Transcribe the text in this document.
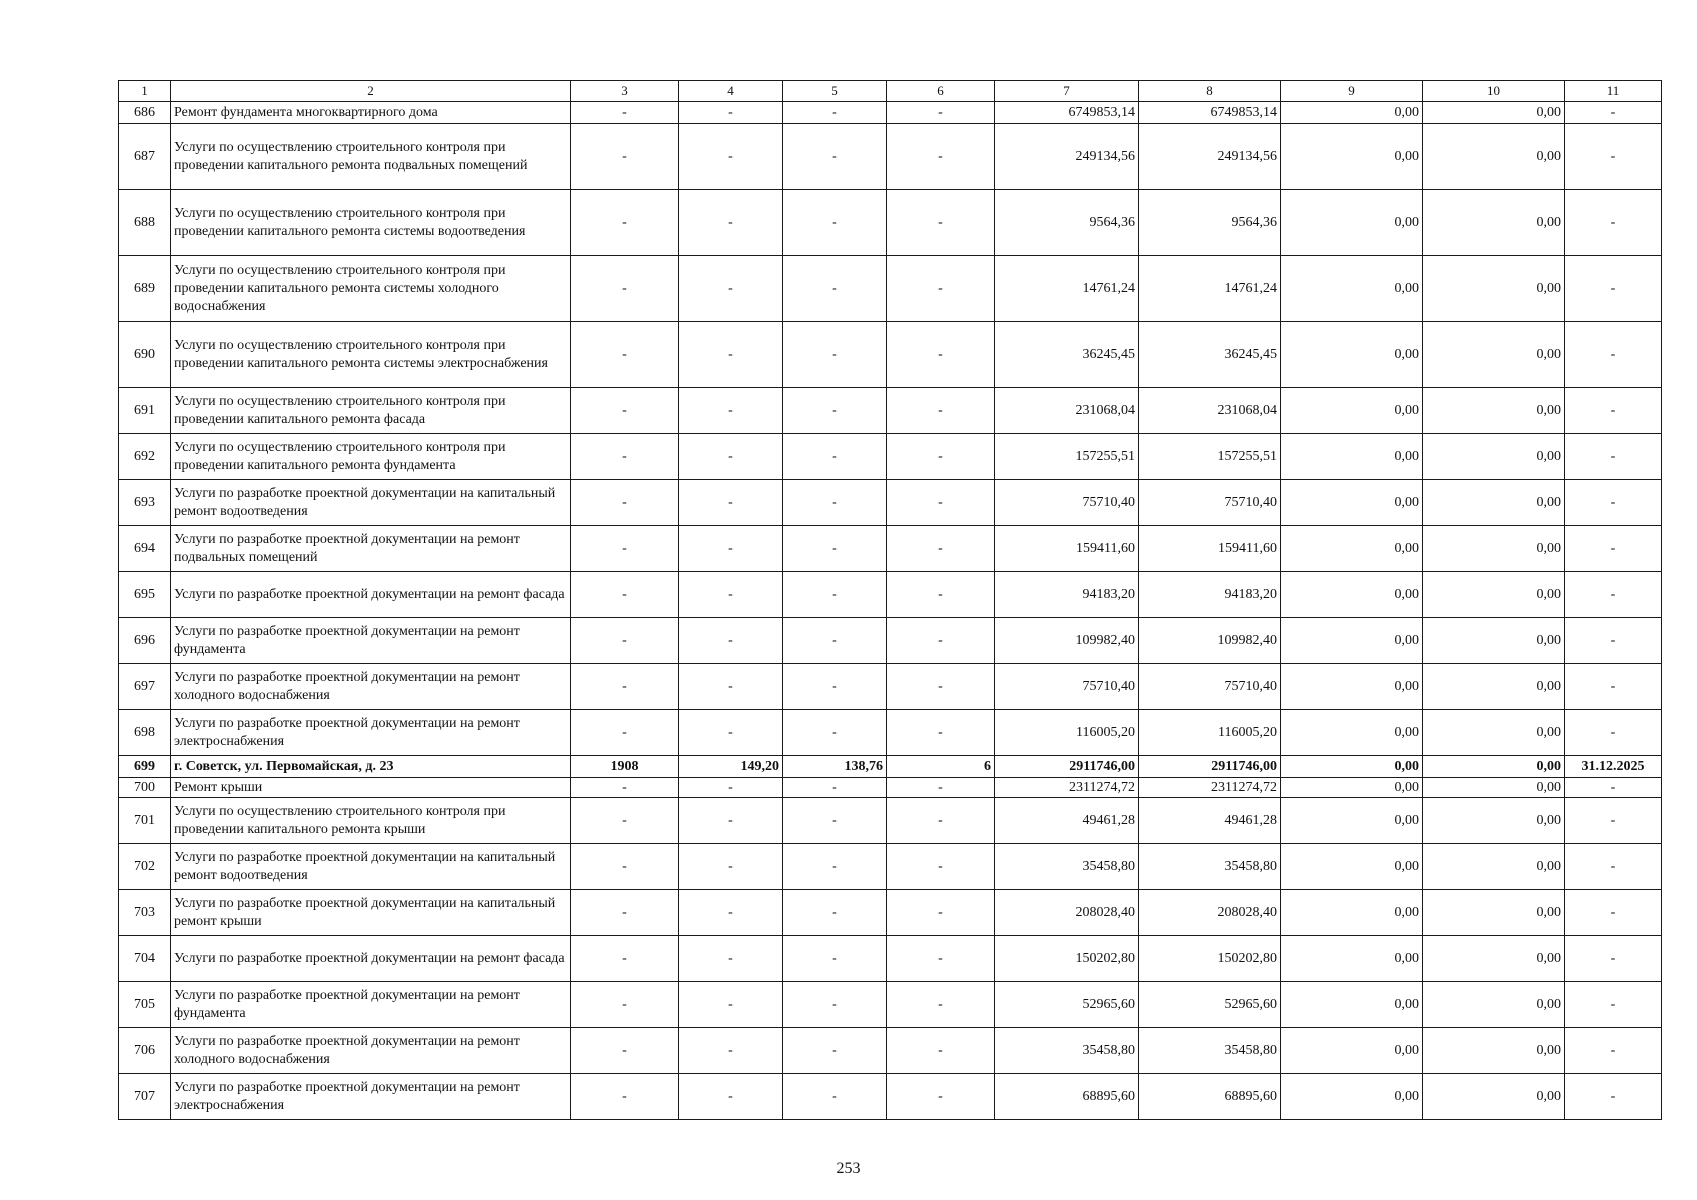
1	2	3	4	5	6	7	8	9	10	11
686	Ремонт фундамента многоквартирного дома	-	-	-	-	6749853,14	6749853,14	0,00	0,00	-
687	Услуги по осуществлению строительного контроля при проведении капитального ремонта подвальных помещений	-	-	-	-	249134,56	249134,56	0,00	0,00	-
688	Услуги по осуществлению строительного контроля при проведении капитального ремонта системы водоотведения	-	-	-	-	9564,36	9564,36	0,00	0,00	-
689	Услуги по осуществлению строительного контроля при проведении капитального ремонта системы холодного водоснабжения	-	-	-	-	14761,24	14761,24	0,00	0,00	-
690	Услуги по осуществлению строительного контроля при проведении капитального ремонта системы электроснабжения	-	-	-	-	36245,45	36245,45	0,00	0,00	-
691	Услуги по осуществлению строительного контроля при проведении капитального ремонта фасада	-	-	-	-	231068,04	231068,04	0,00	0,00	-
692	Услуги по осуществлению строительного контроля при проведении капитального ремонта фундамента	-	-	-	-	157255,51	157255,51	0,00	0,00	-
693	Услуги по разработке проектной документации на капитальный ремонт водоотведения	-	-	-	-	75710,40	75710,40	0,00	0,00	-
694	Услуги по разработке проектной документации на ремонт подвальных помещений	-	-	-	-	159411,60	159411,60	0,00	0,00	-
695	Услуги по разработке проектной документации на ремонт фасада	-	-	-	-	94183,20	94183,20	0,00	0,00	-
696	Услуги по разработке проектной документации на ремонт фундамента	-	-	-	-	109982,40	109982,40	0,00	0,00	-
697	Услуги по разработке проектной документации на ремонт холодного водоснабжения	-	-	-	-	75710,40	75710,40	0,00	0,00	-
698	Услуги по разработке проектной документации на ремонт электроснабжения	-	-	-	-	116005,20	116005,20	0,00	0,00	-
699	г. Советск, ул. Первомайская, д. 23	1908	149,20	138,76	6	2911746,00	2911746,00	0,00	0,00	31.12.2025
700	Ремонт крыши	-	-	-	-	2311274,72	2311274,72	0,00	0,00	-
701	Услуги по осуществлению строительного контроля при проведении капитального ремонта крыши	-	-	-	-	49461,28	49461,28	0,00	0,00	-
702	Услуги по разработке проектной документации на капитальный ремонт водоотведения	-	-	-	-	35458,80	35458,80	0,00	0,00	-
703	Услуги по разработке проектной документации на капитальный ремонт крыши	-	-	-	-	208028,40	208028,40	0,00	0,00	-
704	Услуги по разработке проектной документации на ремонт фасада	-	-	-	-	150202,80	150202,80	0,00	0,00	-
705	Услуги по разработке проектной документации на ремонт фундамента	-	-	-	-	52965,60	52965,60	0,00	0,00	-
706	Услуги по разработке проектной документации на ремонт холодного водоснабжения	-	-	-	-	35458,80	35458,80	0,00	0,00	-
707	Услуги по разработке проектной документации на ремонт электроснабжения	-	-	-	-	68895,60	68895,60	0,00	0,00	-
253
